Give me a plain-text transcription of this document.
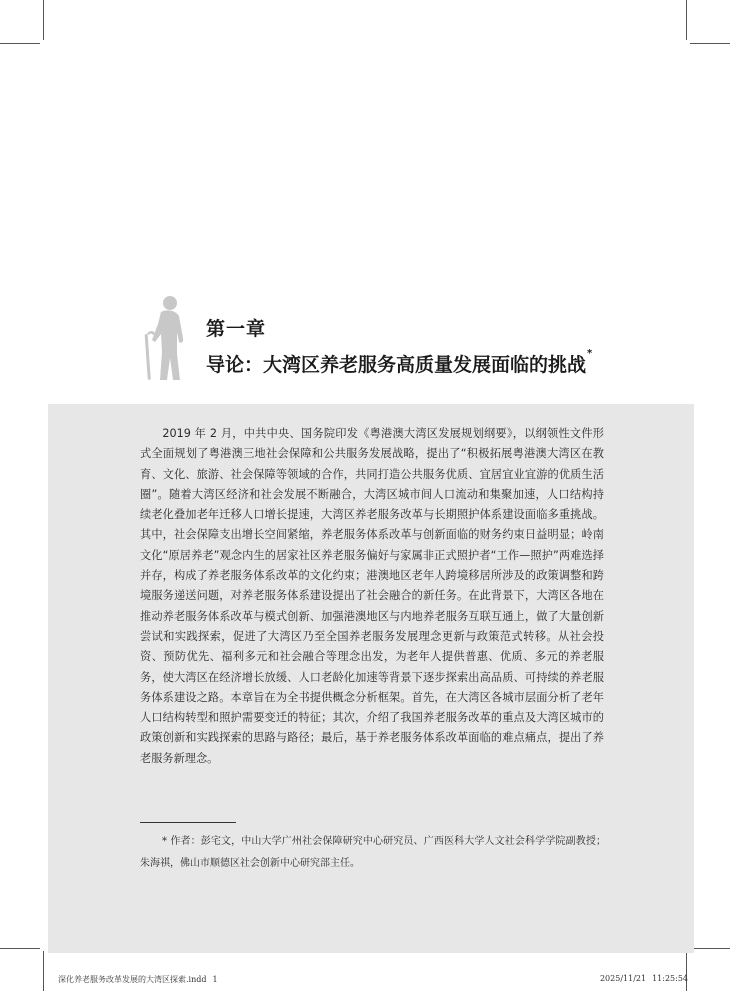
第一章
导论：大湾区养老服务高质量发展面临的挑战*

2019 年 2 月，中共中央、国务院印发《粤港澳大湾区发展规划纲要》，以纲领性文件形式全面规划了粤港澳三地社会保障和公共服务发展战略，提出了“积极拓展粤港澳大湾区在教育、文化、旅游、社会保障等领域的合作，共同打造公共服务优质、宜居宜业宜游的优质生活圈”。随着大湾区经济和社会发展不断融合，大湾区城市间人口流动和集聚加速，人口结构持续老化叠加老年迁移人口增长提速，大湾区养老服务改革与长期照护体系建设面临多重挑战。其中，社会保障支出增长空间紧缩，养老服务体系改革与创新面临的财务约束日益明显；岭南文化“原居养老”观念内生的居家社区养老服务偏好与家属非正式照护者“工作—照护”两难选择并存，构成了养老服务体系改革的文化约束；港澳地区老年人跨境移居所涉及的政策调整和跨境服务递送问题，对养老服务体系建设提出了社会融合的新任务。在此背景下，大湾区各地在推动养老服务体系改革与模式创新、加强港澳地区与内地养老服务互联互通上，做了大量创新尝试和实践探索，促进了大湾区乃至全国养老服务发展理念更新与政策范式转移。从社会投资、预防优先、福利多元和社会融合等理念出发，为老年人提供普惠、优质、多元的养老服务，使大湾区在经济增长放缓、人口老龄化加速等背景下逐步探索出高品质、可持续的养老服务体系建设之路。本章旨在为全书提供概念分析框架。首先，在大湾区各城市层面分析了老年人口结构转型和照护需要变迁的特征；其次，介绍了我国养老服务改革的重点及大湾区城市的政策创新和实践探索的思路与路径；最后，基于养老服务体系改革面临的难点痛点，提出了养老服务新理念。

* 作者：彭宅文，中山大学广州社会保障研究中心研究员、广西医科大学人文社会科学学院副教授；朱海祺，佛山市顺德区社会创新中心研究部主任。

深化养老服务改革发展的大湾区探索.indd 1	2025/11/21 11:25:54
